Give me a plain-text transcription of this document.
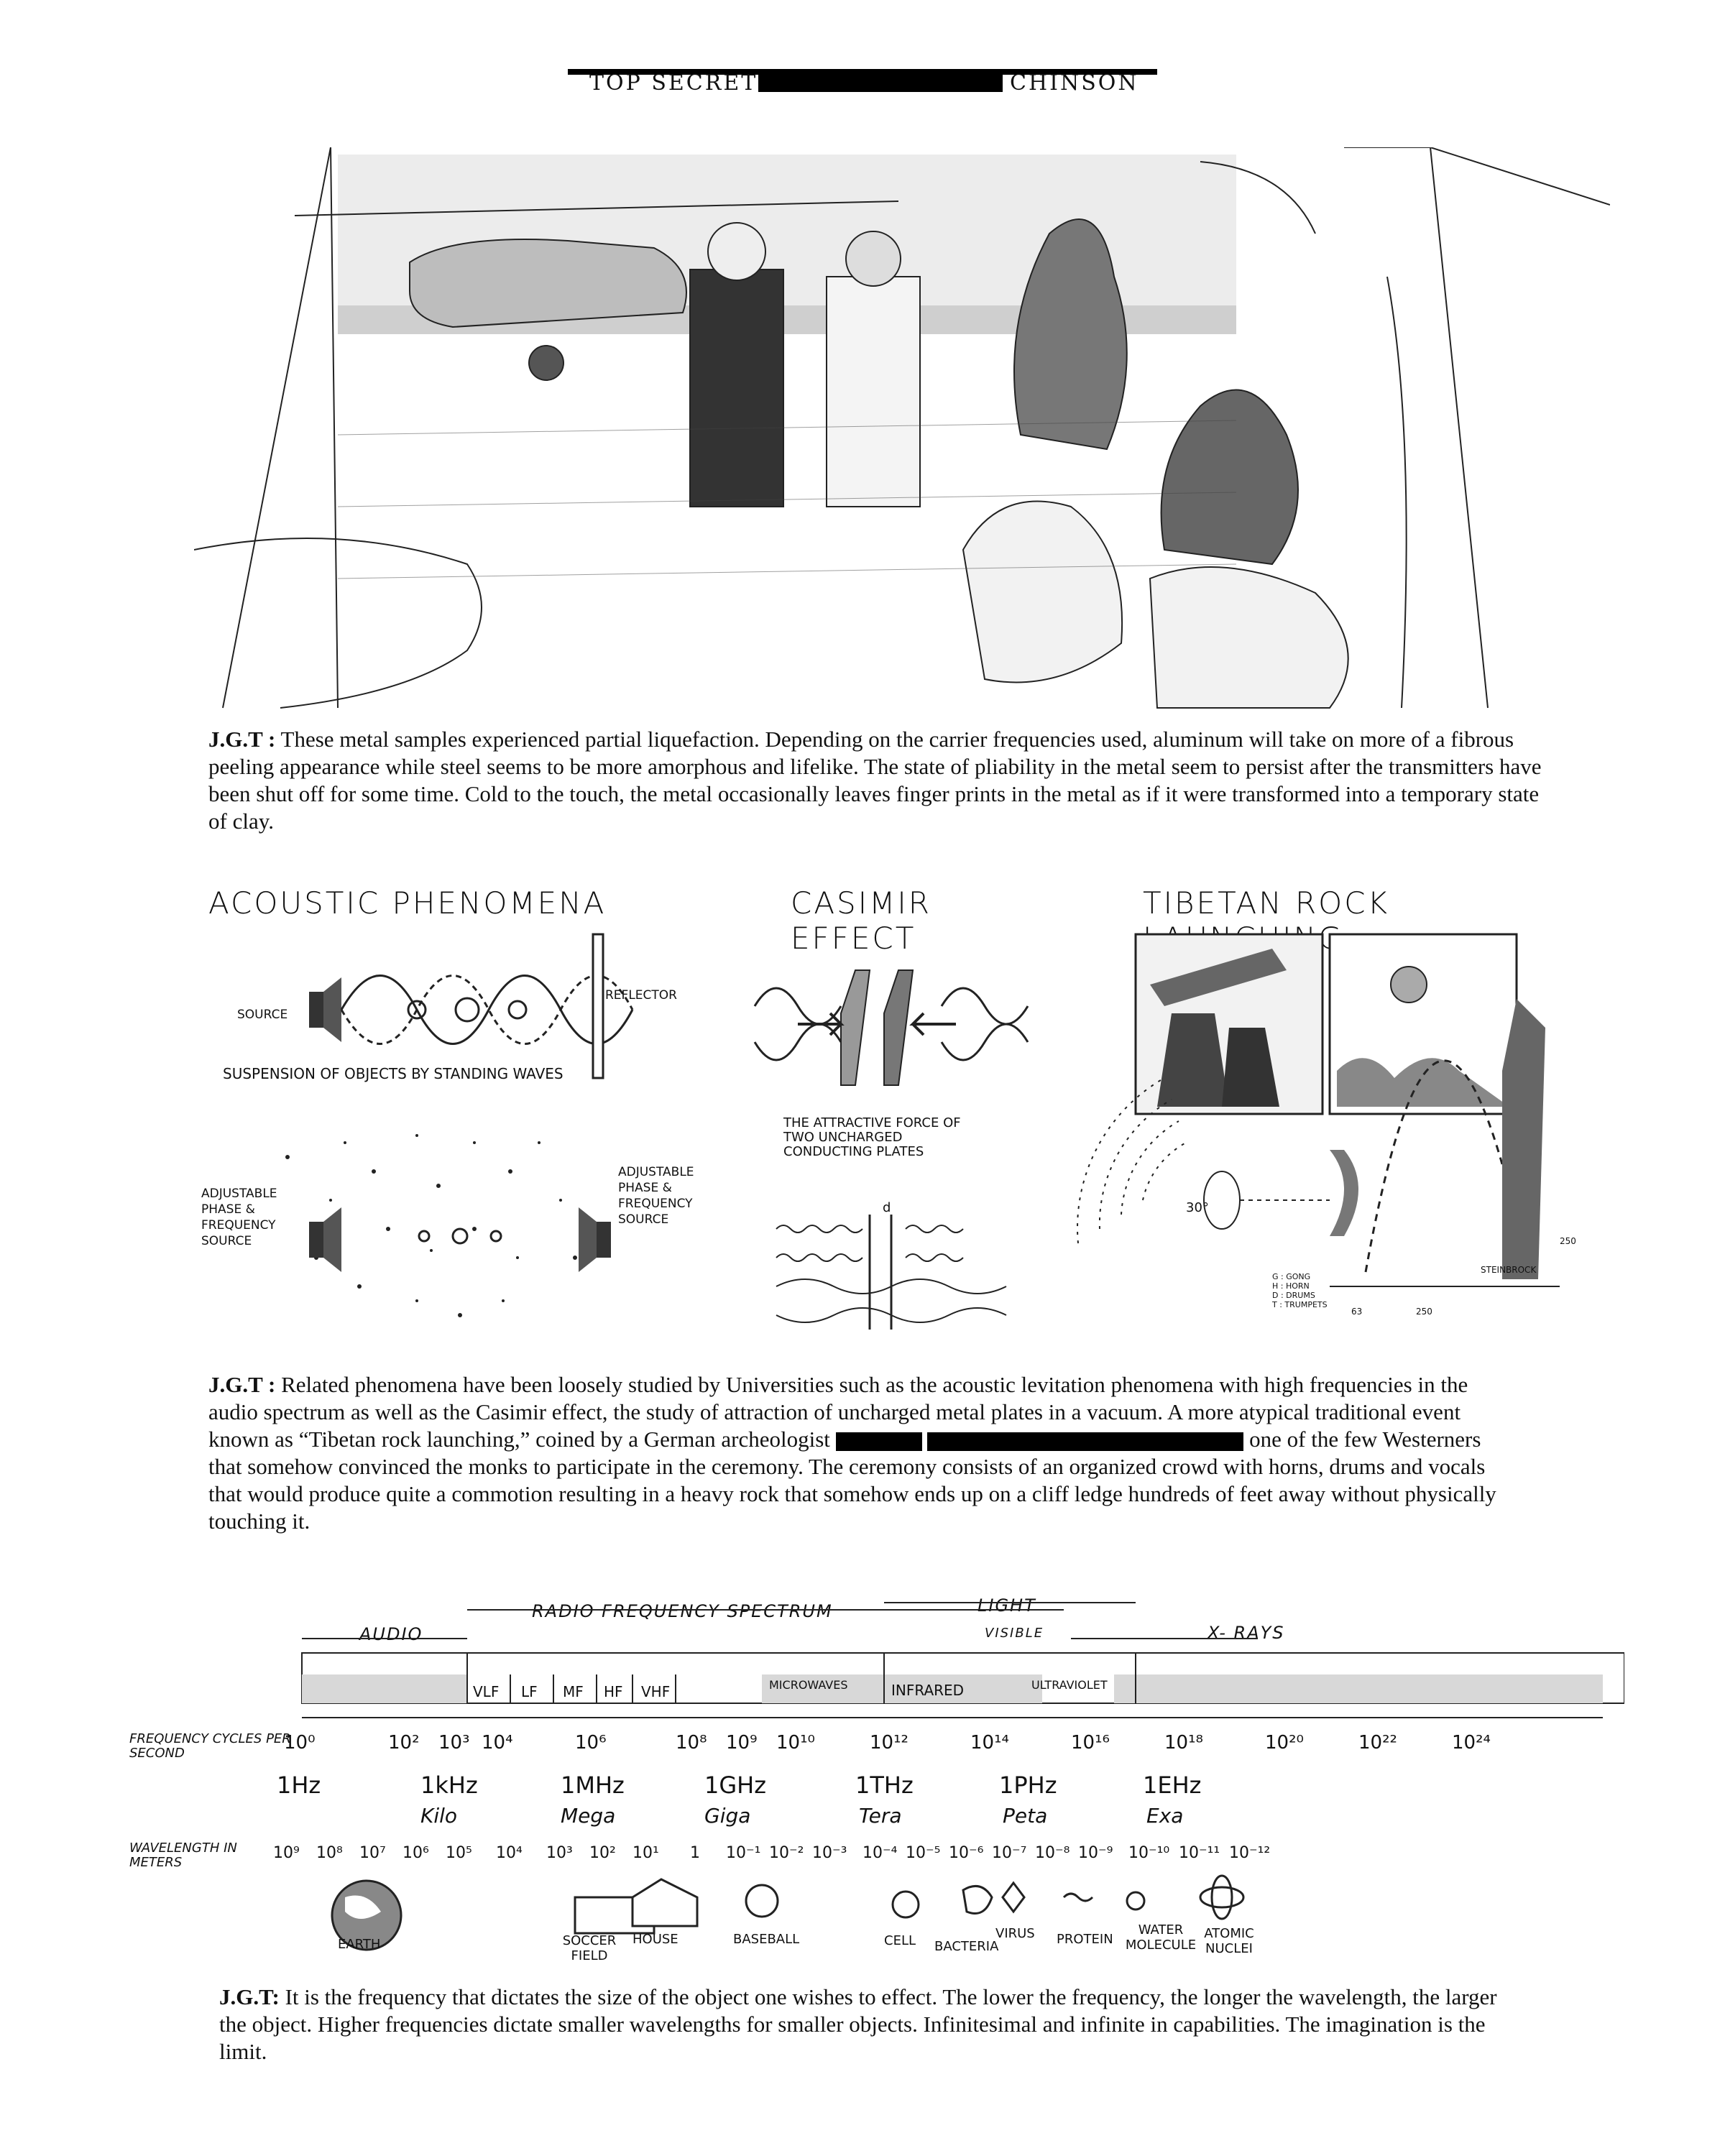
TOP SECRET	CHINSON
J.G.T : These metal samples experienced partial liquefaction. Depending on the carrier frequencies used, aluminum will take on more of a fibrous peeling appearance while steel seems to be more amorphous and lifelike. The state of pliability in the metal seem to persist after the transmitters have been shut off for some time. Cold to the touch, the metal occasionally leaves finger prints in the metal as if it were transformed into a temporary state of clay.
ACOUSTIC PHENOMENA
SOURCE
REFLECTOR
SUSPENSION OF OBJECTS BY STANDING WAVES
ADJUSTABLE PHASE & FREQUENCY SOURCE
ADJUSTABLE PHASE & FREQUENCY SOURCE
CASIMIR EFFECT
THE ATTRACTIVE FORCE OF TWO UNCHARGED CONDUCTING PLATES
d
TIBETAN ROCK
G : GONG
H : HORN
D : DRUMS
T : TRUMPETS
30°
STEINBROCK
63	250
250
J.G.T : Related phenomena have been loosely studied by Universities such as the acoustic levitation phenomena with high frequencies in the audio spectrum as well as the Casimir effect, the study of attraction of uncharged metal plates in a vacuum. A more atypical traditional event known as “Tibetan rock launching,” coined by a German archeologist	one of the few Westerners that somehow convinced the monks to participate in the ceremony. The ceremony consists of an organized crowd with horns, drums and vocals that would produce quite a commotion resulting in a heavy rock that somehow ends up on a cliff ledge hundreds of feet away without physically touching it.
AUDIO
RADIO FREQUENCY SPECTRUM	LIGHT
VISIBLE	X- RAYS
VLF LF MF HF VHF	MICROWAVES	INFRARED	ULTRAVIOLET
FREQUENCY CYCLES PER SECOND	10⁰	10² 10³ 10⁴	10⁶	10⁸ 10⁹ 10¹⁰	10¹²	10¹⁴	10¹⁶	10¹⁸	10²⁰	10²²	10²⁴
1Hz	1kHz	1MHz	1GHz	1THz	1PHz	1EHz
Kilo	Mega	Giga	Tera	Peta	Exa
WAVELENGTH IN METERS
10⁹ 10⁸ 10⁷ 10⁶ 10⁵ 10⁴ 10³ 10² 10¹ 1 10⁻¹ 10⁻² 10⁻³ 10⁻⁴ 10⁻⁵ 10⁻⁶ 10⁻⁷ 10⁻⁸ 10⁻⁹ 10⁻¹⁰ 10⁻¹¹ 10⁻¹²
EARTH	SOCCER FIELD
HOUSE	BASEBALL	CELL BACTERIA
VIRUS PROTEIN
WATER MOLECULE
ATOMIC NUCLEI
J.G.T: It is the frequency that dictates the size of the object one wishes to effect. The lower the frequency, the longer the wavelength, the larger the object. Higher frequencies dictate smaller wavelengths for smaller objects. Infinitesimal and infinite in capabilities. The imagination is the limit.
